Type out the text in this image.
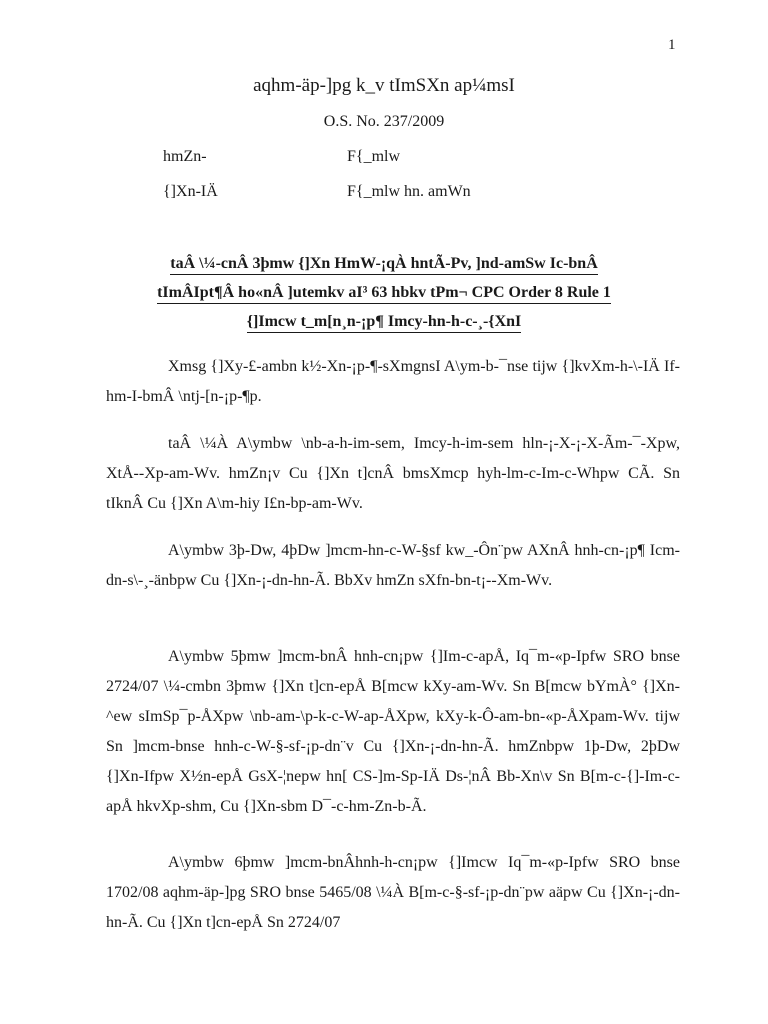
1
aqhm-äp-]pg k_v tImSXn ap¼msI
O.S. No. 237/2009
hmZn-	F{_mlw
{]Xn-IÄ	F{_mlw hn. amWn
taÂ \¼-cnÂ 3þmw {]Xn HmW-¡qÀ hntÃ-Pv, ]nd-amSw Ic-bnÂ
tImÂIpt¶Â ho«nÂ ]utemkv aI³ 63 hbkv tPm¬ CPC Order 8 Rule 1
{]Imcw t_m[n¸n-¡p¶ Imcy-hn-h-c-¸-{XnI

Xmsg {]Xy-£-ambn k½-Xn-¡p-¶-sXmgnsI A\ym-b-¯nse tijw {]kvXm-h-\-IÄ If-hm-I-bmÂ \ntj-[n-¡p-¶p.

taÂ \¼À A\ymbw \nb-a-h-im-sem, Imcy-h-im-sem hln-¡-X-¡-X-Ãm-¯-Xpw, XtÅ--Xp-am-Wv. hmZn¡v Cu {]Xn t]cnÂ bmsXmcp hyh-lm-c-Im-c-Whpw CÃ. Sn tIknÂ Cu {]Xn A\m-hiy I£n-bp-am-Wv.

A\ymbw 3þ-Dw, 4þDw ]mcm-hn-c-W-§sf kw_-Ôn¨pw AXnÂ hnh-cn-¡p¶ Icm-dn-s\-¸-änbpw Cu {]Xn-¡-dn-hn-Ã. BbXv hmZn sXfn-bn-t¡--Xm-Wv.

A\ymbw 5þmw ]mcm-bnÂ hnh-cn¡pw {]Im-c-apÅ, Iq¯m-«p-Ipfw SRO bnse 2724/07 \¼-cmbn 3þmw {]Xn t]cn-epÅ B[mcw kXy-am-Wv. Sn B[mcw bYmÀ° {]Xn-^ew sImSp¯p-ÅXpw \nb-am-\p-k-c-W-ap-ÅXpw, kXy-k-Ô-am-bn-«p-ÅXpam-Wv. tijw Sn ]mcm-bnse hnh-c-W-§-sf-¡p-dn¨v Cu {]Xn-¡-dn-hn-Ã. hmZnbpw 1þ-Dw, 2þDw {]Xn-Ifpw X½n-epÅ GsX-¦nepw hn[ CS-]m-Sp-IÄ Ds-¦nÂ Bb-Xn\v Sn B[m-c-{]-Im-c-apÅ hkvXp-shm, Cu {]Xn-sbm D¯-c-hm-Zn-b-Ã.

A\ymbw 6þmw ]mcm-bnÂhnh-h-cn¡pw {]Imcw Iq¯m-«p-Ipfw SRO bnse 1702/08 aqhm-äp-]pg SRO bnse 5465/08 \¼À B[m-c-§-sf-¡p-dn¨pw aäpw Cu {]Xn-¡-dn-hn-Ã. Cu {]Xn t]cn-epÅ Sn 2724/07
